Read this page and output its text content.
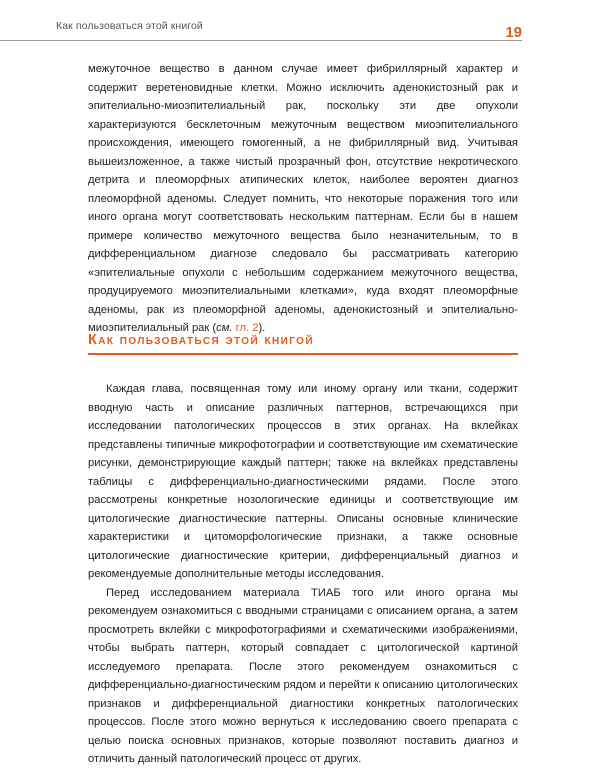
Как пользоваться этой книгой	19

межуточное вещество в данном случае имеет фибриллярный характер и содержит веретеновидные клетки. Можно исключить аденокистозный рак и эпителиально-миоэпителиальный рак, поскольку эти две опухоли характеризуются бесклеточным межуточным веществом миоэпителиального происхождения, имеющего гомогенный, а не фибриллярный вид. Учитывая вышеизложенное, а также чистый прозрачный фон, отсутствие некротического детрита и плеоморфных атипических клеток, наиболее вероятен диагноз плеоморфной аденомы. Следует помнить, что некоторые поражения того или иного органа могут соответствовать нескольким паттернам. Если бы в нашем примере количество межуточного вещества было незначительным, то в дифференциальном диагнозе следовало бы рассматривать категорию «эпителиальные опухоли с небольшим содержанием межуточного вещества, продуцируемого миоэпителиальными клетками», куда входят плеоморфные аденомы, рак из плеоморфной аденомы, аденокистозный и эпителиально-миоэпителиальный рак (см. гл. 2).

Как пользоваться этой книгой

Каждая глава, посвященная тому или иному органу или ткани, содержит вводную часть и описание различных паттернов, встречающихся при исследовании патологических процессов в этих органах. На вклейках представлены типичные микрофотографии и соответствующие им схематические рисунки, демонстрирующие каждый паттерн; также на вклейках представлены таблицы с дифференциально-диагностическими рядами. После этого рассмотрены конкретные нозологические единицы и соответствующие им цитологические диагностические паттерны. Описаны основные клинические характеристики и цитоморфологические признаки, а также основные цитологические диагностические критерии, дифференциальный диагноз и рекомендуемые дополнительные методы исследования.

Перед исследованием материала ТИАБ того или иного органа мы рекомендуем ознакомиться с вводными страницами с описанием органа, а затем просмотреть вклейки с микрофотографиями и схематическими изображениями, чтобы выбрать паттерн, который совпадает с цитологической картиной исследуемого препарата. После этого рекомендуем ознакомиться с дифференциально-диагностическим рядом и перейти к описанию цитологических признаков и дифференциальной диагностики конкретных патологических процессов. После этого можно вернуться к исследованию своего препарата с целью поиска основных признаков, которые позволяют поставить диагноз и отличить данный патологический процесс от других.
